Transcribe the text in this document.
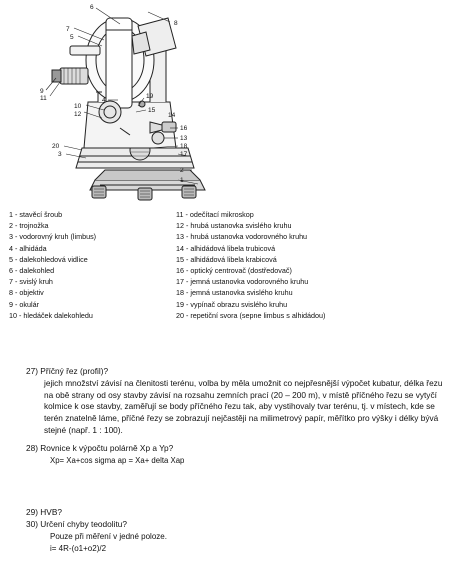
7
5
6
8
9
11
10
12
4
19
15
14
16
13
18
17
20
3
2
1
1 - stavěcí šroub
2 - trojnožka
3 - vodorovný kruh (limbus)
4 - alhidáda
5 - dalekohledová vidlice
6 - dalekohled
7 - svislý kruh
8 - objektiv
9 - okulár
10 - hledáček dalekohledu
11 - odečítací mikroskop
12 - hrubá ustanovka svislého kruhu
13 - hrubá ustanovka vodorovného kruhu
14 - alhidádová libela trubicová
15 - alhidádová libela krabicová
16 - optický centrovač (dostředovač)
17 - jemná ustanovka vodorovného kruhu
18 - jemná ustanovka svislého kruhu
19 - vypínač obrazu svislého kruhu
20 - repetiční svora (sepne limbus s alhidádou)
27) Příčný řez (profil)?
jejich množství závisí na členitosti terénu, volba by měla umožnit co nejpřesnější výpočet kubatur, délka řezu na obě strany od osy stavby závisí na rozsahu zemních prací (20 – 200 m), v místě příčného řezu se vytyčí kolmice k ose stavby, zaměřují se body příčného řezu tak, aby vystihovaly tvar terénu, tj. v místech, kde se terén znatelně láme, příčné řezy se zobrazují nejčastěji na milimetrový papír, měřítko pro výšky i délky bývá stejné (např. 1 : 100).
28) Rovnice k výpočtu polárně Xp a Yp?
Xp= Xa+cos sigma ap = Xa+ delta Xap
29) HVB?
30) Určení chyby teodolitu?
Pouze při měření v jedné poloze.
i= 4R-(o1+o2)/2
